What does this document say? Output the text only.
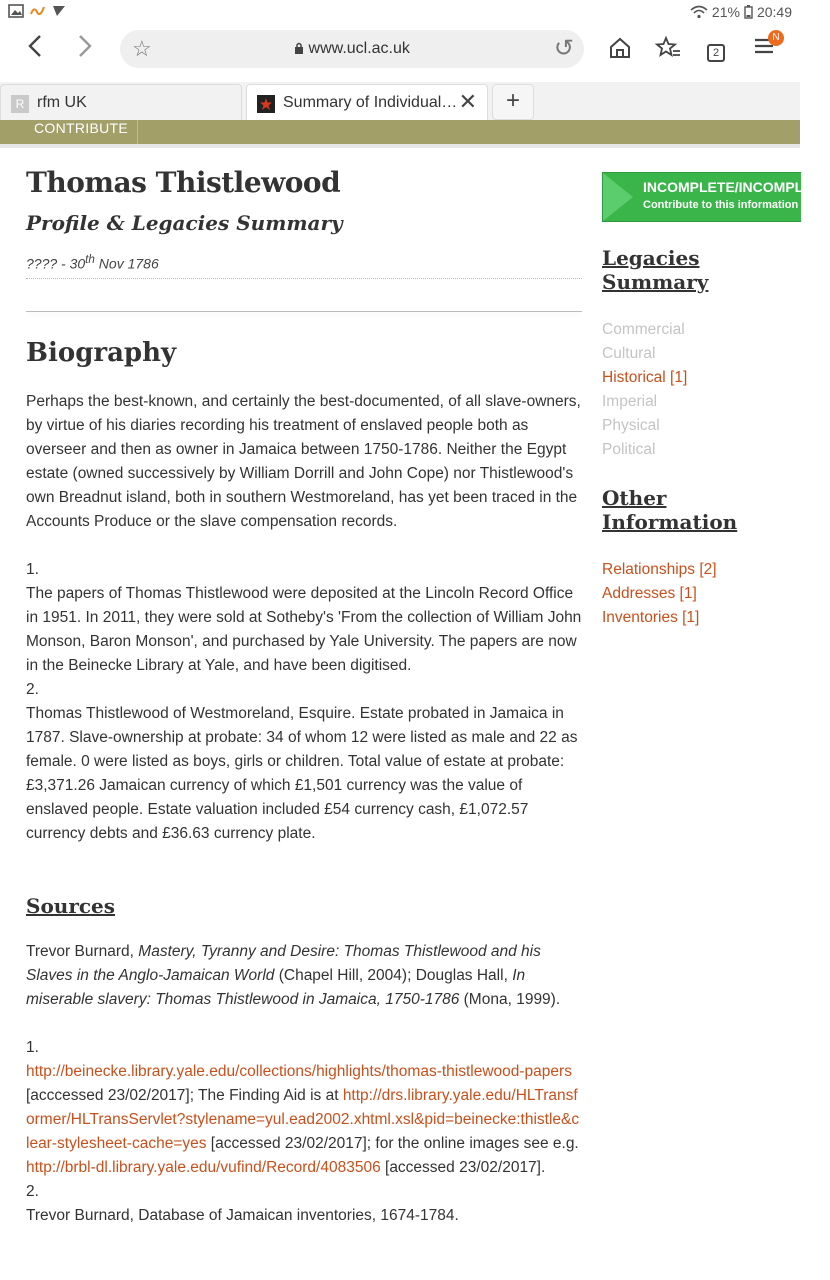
21% 20:49
☆	www.ucl.ac.uk	↺	2
N
R rfm UK	Summary of Individual… ✕	+
CONTRIBUTE
Thomas Thistlewood
Profile & Legacies Summary
???? - 30th Nov 1786
Biography
Perhaps the best-known, and certainly the best-documented, of all slave-owners, by virtue of his diaries recording his treatment of enslaved people both as overseer and then as owner in Jamaica between 1750-1786. Neither the Egypt estate (owned successively by William Dorrill and John Cope) nor Thistlewood's own Breadnut island, both in southern Westmoreland, has yet been traced in the Accounts Produce or the slave compensation records.
1.
The papers of Thomas Thistlewood were deposited at the Lincoln Record Office in 1951. In 2011, they were sold at Sotheby's 'From the collection of William John Monson, Baron Monson', and purchased by Yale University. The papers are now in the Beinecke Library at Yale, and have been digitised.
2.
Thomas Thistlewood of Westmoreland, Esquire. Estate probated in Jamaica in 1787. Slave-ownership at probate: 34 of whom 12 were listed as male and 22 as female. 0 were listed as boys, girls or children. Total value of estate at probate: £3,371.26 Jamaican currency of which £1,501 currency was the value of enslaved people. Estate valuation included £54 currency cash, £1,072.57 currency debts and £36.63 currency plate.
Sources
Trevor Burnard, Mastery, Tyranny and Desire: Thomas Thistlewood and his Slaves in the Anglo-Jamaican World (Chapel Hill, 2004); Douglas Hall, In miserable slavery: Thomas Thistlewood in Jamaica, 1750-1786 (Mona, 1999).
1.
http://beinecke.library.yale.edu/collections/highlights/thomas-thistlewood-papers [acccessed 23/02/2017]; The Finding Aid is at http://drs.library.yale.edu/HLTransformer/HLTransServlet?stylename=yul.ead2002.xhtml.xsl&pid=beinecke:thistle&clear-stylesheet-cache=yes [accessed 23/02/2017]; for the online images see e.g. http://brbl-dl.library.yale.edu/vufind/Record/4083506 [accessed 23/02/2017].
2.
Trevor Burnard, Database of Jamaican inventories, 1674-1784.
INCOMPLETE/INCOMPLETE
Contribute to this information
Legacies Summary
Commercial
Cultural
Historical [1]
Imperial
Physical
Political
Other Information
Relationships [2]
Addresses [1]
Inventories [1]
